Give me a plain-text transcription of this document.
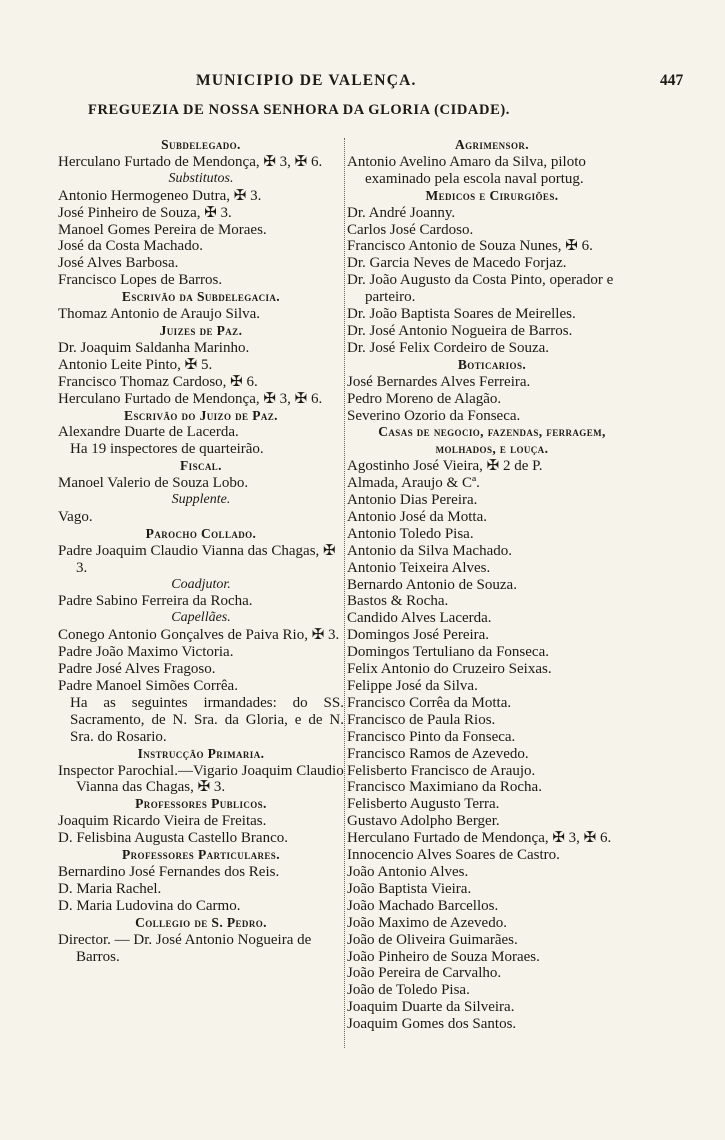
MUNICIPIO DE VALENÇA.	447
FREGUEZIA DE NOSSA SENHORA DA GLORIA (CIDADE).
Subdelegado.
Herculano Furtado de Mendonça, ✠ 3, ✠ 6.
Substitutos.
Antonio Hermogeneo Dutra, ✠ 3.
José Pinheiro de Souza, ✠ 3.
Manoel Gomes Pereira de Moraes.
José da Costa Machado.
José Alves Barbosa.
Francisco Lopes de Barros.
Escrivão da Subdelegacia.
Thomaz Antonio de Araujo Silva.
Juizes de Paz.
Dr. Joaquim Saldanha Marinho.
Antonio Leite Pinto, ✠ 5.
Francisco Thomaz Cardoso, ✠ 6.
Herculano Furtado de Mendonça, ✠ 3, ✠ 6.
Escrivão do Juizo de Paz.
Alexandre Duarte de Lacerda.
Ha 19 inspectores de quarteirão.
Fiscal.
Manoel Valerio de Souza Lobo.
Supplente.
Vago.
Parocho Collado.
Padre Joaquim Claudio Vianna das Chagas, ✠ 3.
Coadjutor.
Padre Sabino Ferreira da Rocha.
Capellães.
Conego Antonio Gonçalves de Paiva Rio, ✠ 3.
Padre João Maximo Victoria.
Padre José Alves Fragoso.
Padre Manoel Simões Corrêa.
Ha as seguintes irmandades: do SS. Sacramento, de N. Sra. da Gloria, e de N. Sra. do Rosario.
Instrucção Primaria.
Inspector Parochial.—Vigario Joaquim Claudio Vianna das Chagas, ✠ 3.
Professores Publicos.
Joaquim Ricardo Vieira de Freitas.
D. Felisbina Augusta Castello Branco.
Professores Particulares.
Bernardino José Fernandes dos Reis.
D. Maria Rachel.
D. Maria Ludovina do Carmo.
Collegio de S. Pedro.
Director. — Dr. José Antonio Nogueira de Barros.
Agrimensor.
Antonio Avelino Amaro da Silva, piloto examinado pela escola naval portug.
Medicos e Cirurgiões.
Dr. André Joanny.
Carlos José Cardoso.
Francisco Antonio de Souza Nunes, ✠ 6.
Dr. Garcia Neves de Macedo Forjaz.
Dr. João Augusto da Costa Pinto, operador e parteiro.
Dr. João Baptista Soares de Meirelles.
Dr. José Antonio Nogueira de Barros.
Dr. José Felix Cordeiro de Souza.
Boticarios.
José Bernardes Alves Ferreira.
Pedro Moreno de Alagão.
Severino Ozorio da Fonseca.
Casas de negocio, fazendas, ferragem, molhados, e louça.
Agostinho José Vieira, ✠ 2 de P.
Almada, Araujo & Cª.
Antonio Dias Pereira.
Antonio José da Motta.
Antonio Toledo Pisa.
Antonio da Silva Machado.
Antonio Teixeira Alves.
Bernardo Antonio de Souza.
Bastos & Rocha.
Candido Alves Lacerda.
Domingos José Pereira.
Domingos Tertuliano da Fonseca.
Felix Antonio do Cruzeiro Seixas.
Felippe José da Silva.
Francisco Corrêa da Motta.
Francisco de Paula Rios.
Francisco Pinto da Fonseca.
Francisco Ramos de Azevedo.
Felisberto Francisco de Araujo.
Francisco Maximiano da Rocha.
Felisberto Augusto Terra.
Gustavo Adolpho Berger.
Herculano Furtado de Mendonça, ✠ 3, ✠ 6.
Innocencio Alves Soares de Castro.
João Antonio Alves.
João Baptista Vieira.
João Machado Barcellos.
João Maximo de Azevedo.
João de Oliveira Guimarães.
João Pinheiro de Souza Moraes.
João Pereira de Carvalho.
João de Toledo Pisa.
Joaquim Duarte da Silveira.
Joaquim Gomes dos Santos.
